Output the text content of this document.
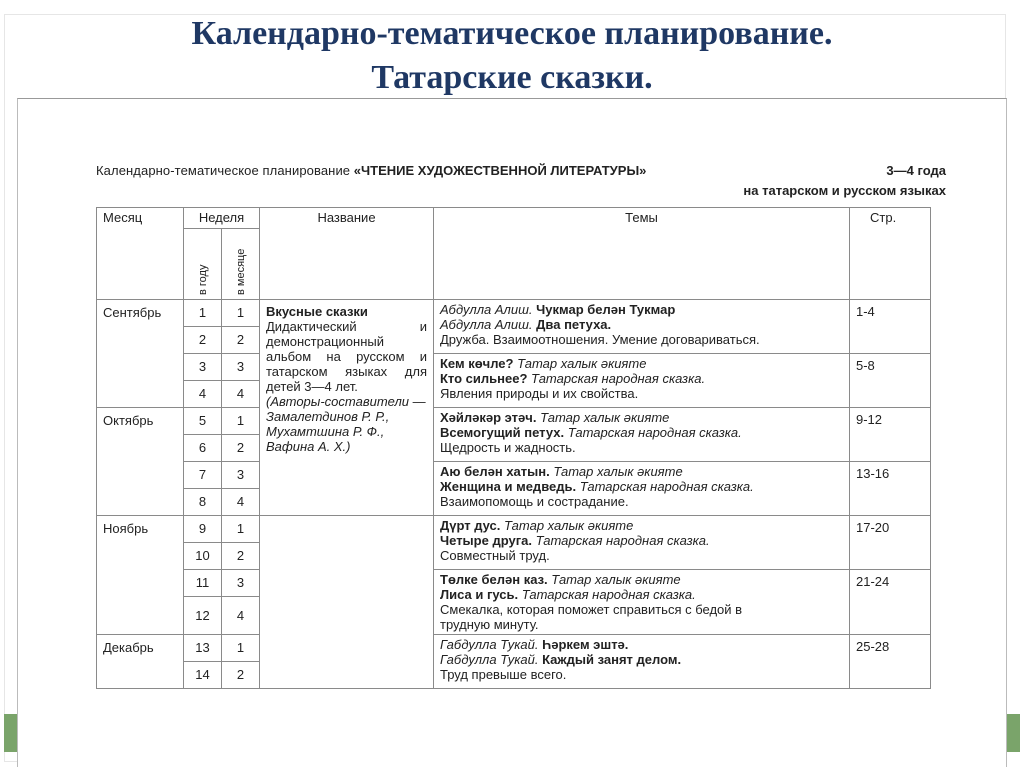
Календарно-тематическое планирование.
Татарские сказки.
Календарно-тематическое планирование «ЧТЕНИЕ ХУДОЖЕСТВЕННОЙ ЛИТЕРАТУРЫ»	3—4 года
на татарском и русском языках
Месяц	Неделя		Название	Темы	Стр.

	в году	в месяце			

Сентябрь	1	1	Вкусные сказки
Дидактический и демонстрационный альбом на русском и татарском языках для детей 3—4 лет.
(Авторы-составители — Замалетдинов Р. Р., Мухамтшина Р. Ф., Вафина А. Х.)	Абдулла Алиш. Чукмар белән Тукмар
Абдулла Алиш. Два петуха.
Дружба. Взаимоотношения. Умение договариваться.	1-4
	2	2			
	3	3		Кем көчле? Татар халык әкияте
Кто сильнее? Татарская народная сказка.
Явления природы и их свойства.	5-8
	4	4			
Октябрь	5	1		Хәйләкәр этәч. Татар халык әкияте
Всемогущий петух. Татарская народная сказка.
Щедрость и жадность.	9-12
	6	2			
	7	3		Аю белән хатын. Татар халык әкияте
Женщина и медведь. Татарская народная сказка.
Взаимопомощь и сострадание.	13-16
	8	4			
Ноябрь	9	1		Дүрт дус. Татар халык әкияте
Четыре друга. Татарская народная сказка.
Совместный труд.	17-20
	10	2			
	11	3		Төлке белән каз. Татар халык әкияте
Лиса и гусь. Татарская народная сказка.
Смекалка, которая поможет справиться с бедой в
трудную минуту.	21-24
	12	4			
Декабрь	13	1		Габдулла Тукай. Һәркем эштә.
Габдулла Тукай. Каждый занят делом.
Труд превыше всего.	25-28
	14	2			
